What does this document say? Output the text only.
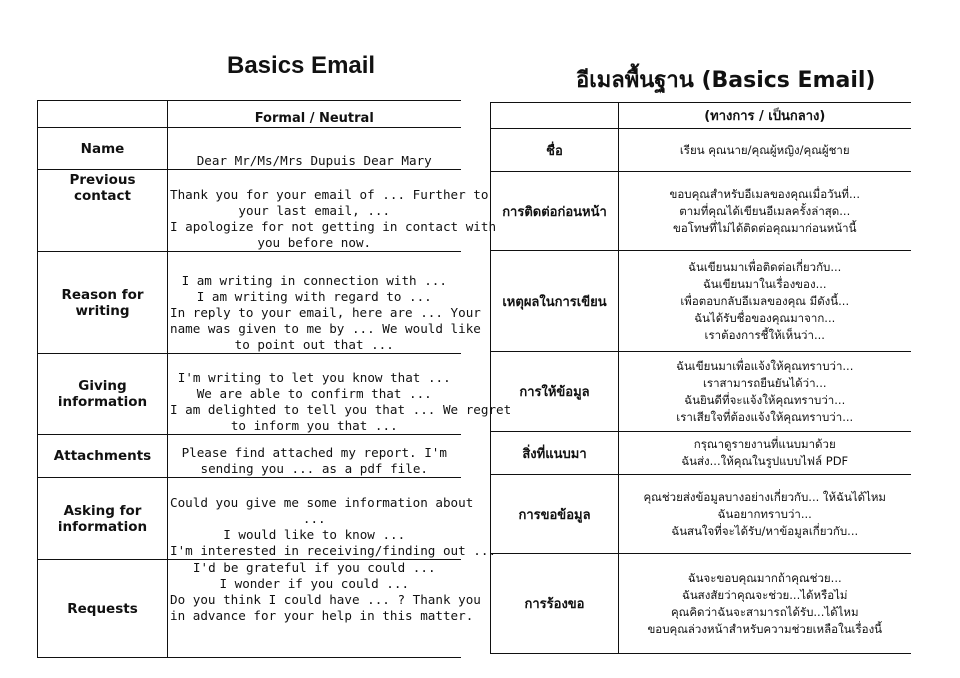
Basics Email
อีเมลพื้นฐาน (Basics Email)
	Formal / Neutral
Name	Dear Mr/Ms/Mrs Dupuis Dear Mary

Previous contact	Thank you for your email of ... Further to
your last email, ...
I apologize for not getting in contact with
you before now.

Reason for writing	I am writing in connection with ...
I am writing with regard to ...
In reply to your email, here are ... Your
name was given to me by ... We would like
to point out that ...

Giving information	I'm writing to let you know that ...
We are able to confirm that ...
I am delighted to tell you that ... We regret
to inform you that ...

Attachments	Please find attached my report. I'm
sending you ... as a pdf file.

Asking for information	Could you give me some information about
...
I would like to know ...
I'm interested in receiving/finding out ...

Requests	I'd be grateful if you could ...
I wonder if you could ...
Do you think I could have ... ? Thank you
in advance for your help in this matter.
	(ทางการ / เป็นกลาง)
ชื่อ	เรียน คุณนาย/คุณผู้หญิง/คุณผู้ชาย

การติดต่อก่อนหน้า	ขอบคุณสำหรับอีเมลของคุณเมื่อวันที่...
ตามที่คุณได้เขียนอีเมลครั้งล่าสุด...
ขอโทษที่ไม่ได้ติดต่อคุณมาก่อนหน้านี้

เหตุผลในการเขียน	ฉันเขียนมาเพื่อติดต่อเกี่ยวกับ...
ฉันเขียนมาในเรื่องของ...
เพื่อตอบกลับอีเมลของคุณ มีดังนี้...
ฉันได้รับชื่อของคุณมาจาก...
เราต้องการชี้ให้เห็นว่า...

การให้ข้อมูล	ฉันเขียนมาเพื่อแจ้งให้คุณทราบว่า...
เราสามารถยืนยันได้ว่า...
ฉันยินดีที่จะแจ้งให้คุณทราบว่า...
เราเสียใจที่ต้องแจ้งให้คุณทราบว่า...

สิ่งที่แนบมา	กรุณาดูรายงานที่แนบมาด้วย
ฉันส่ง...ให้คุณในรูปแบบไฟล์ PDF

การขอข้อมูล	คุณช่วยส่งข้อมูลบางอย่างเกี่ยวกับ... ให้ฉันได้ไหม
ฉันอยากทราบว่า...
ฉันสนใจที่จะได้รับ/หาข้อมูลเกี่ยวกับ...

การร้องขอ	ฉันจะขอบคุณมากถ้าคุณช่วย...
ฉันสงสัยว่าคุณจะช่วย...ได้หรือไม่
คุณคิดว่าฉันจะสามารถได้รับ...ได้ไหม
ขอบคุณล่วงหน้าสำหรับความช่วยเหลือในเรื่องนี้
